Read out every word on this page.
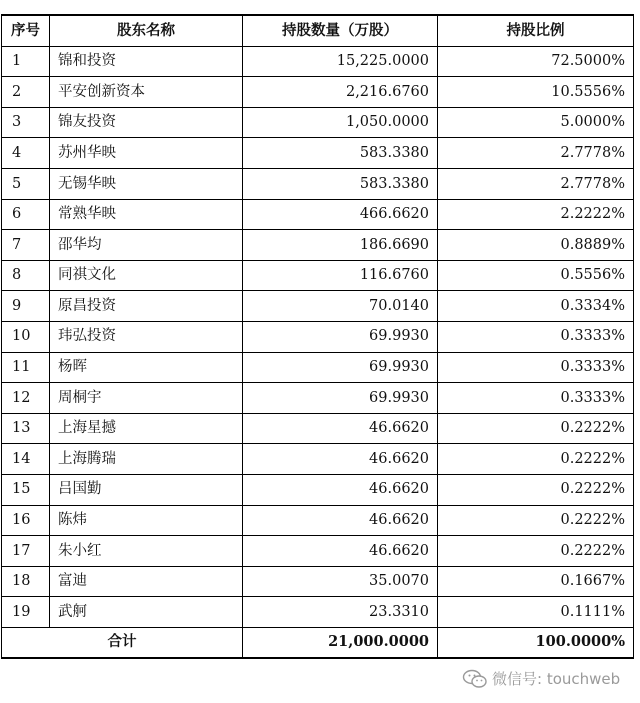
序号	股东名称	持股数量（万股）	持股比例
1	锦和投资	15,225.0000	72.5000%
2	平安创新资本	2,216.6760	10.5556%
3	锦友投资	1,050.0000	5.0000%
4	苏州华映	583.3380	2.7778%
5	无锡华映	583.3380	2.7778%
6	常熟华映	466.6620	2.2222%
7	邵华均	186.6690	0.8889%
8	同祺文化	116.6760	0.5556%
9	原昌投资	70.0140	0.3334%
10	玮弘投资	69.9930	0.3333%
11	杨晖	69.9930	0.3333%
12	周桐宇	69.9930	0.3333%
13	上海星撼	46.6620	0.2222%
14	上海腾瑞	46.6620	0.2222%
15	吕国勤	46.6620	0.2222%
16	陈炜	46.6620	0.2222%
17	朱小红	46.6620	0.2222%
18	富迪	35.0070	0.1667%
19	武舸	23.3310	0.1111%
合计		21,000.0000	100.0000%
微信号: touchweb
